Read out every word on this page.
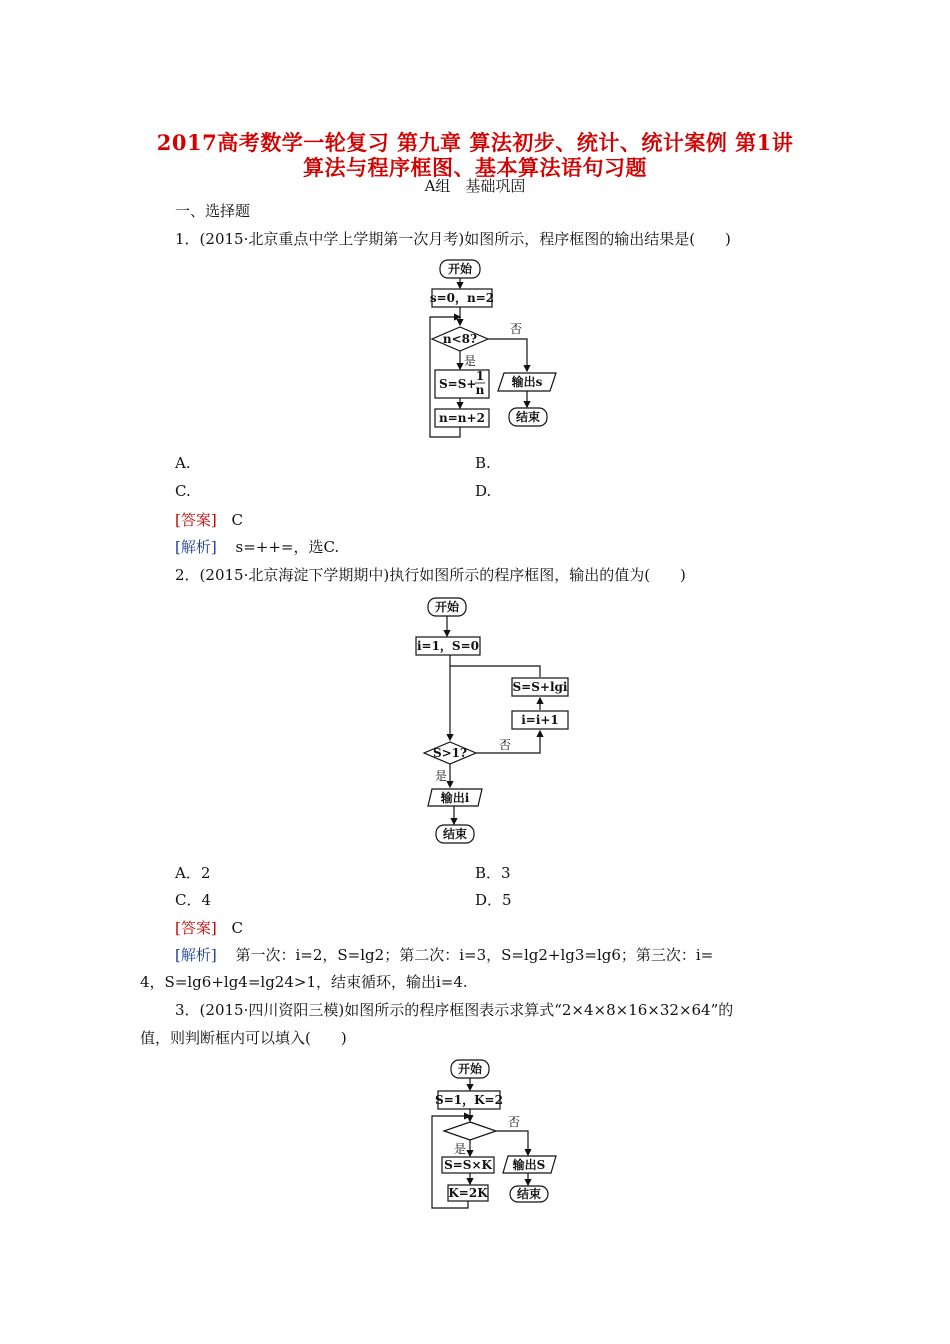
2017高考数学一轮复习 第九章 算法初步、统计、统计案例 第1讲
算法与程序框图、基本算法语句习题
A组　基础巩固
一、选择题
1．(2015·北京重点中学上学期第一次月考)如图所示，程序框图的输出结果是(　　)
开始
s=0，n=2
n<8?
否
是
S=S+
1
n
n=n+2
输出s
结束
A.	B.
C.	D.
[答案] C
[解析] s=++=，选C.
2．(2015·北京海淀下学期期中)执行如图所示的程序框图，输出的值为(　　)
开始
i=1，S=0
S=S+lgi
i=i+1
S>1?
否
是
输出i
结束
A．2	B．3
C．4	D．5
[答案] C
[解析] 第一次：i=2，S=lg2；第二次：i=3，S=lg2+lg3=lg6；第三次：i=
4，S=lg6+lg4=lg24>1，结束循环，输出i=4.
3．(2015·四川资阳三模)如图所示的程序框图表示求算式“2×4×8×16×32×64”的
值，则判断框内可以填入(　　)
开始
S=1，K=2
否
是
S=S×K
K=2K
输出S
结束
